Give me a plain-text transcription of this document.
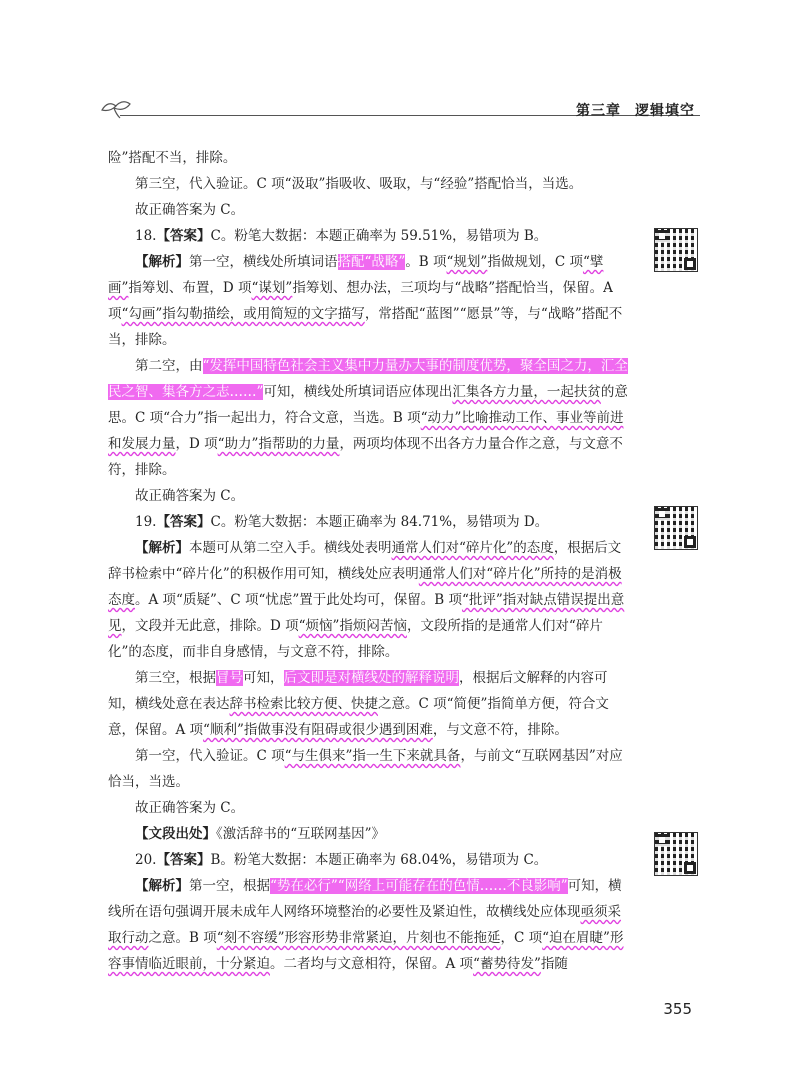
第三章 逻辑填空

险”搭配不当，排除。

第三空，代入验证。C 项“汲取”指吸收、吸取，与“经验”搭配恰当，当选。

故正确答案为 C。

18.【答案】C。粉笔大数据：本题正确率为 59.51%，易错项为 B。

【解析】第一空，横线处所填词语搭配“战略”。B 项“规划”指做规划，C 项“擘画”指筹划、布置，D 项“谋划”指筹划、想办法，三项均与“战略”搭配恰当，保留。A 项“勾画”指勾勒描绘，或用简短的文字描写，常搭配“蓝图”“愿景”等，与“战略”搭配不当，排除。

第二空，由“发挥中国特色社会主义集中力量办大事的制度优势，聚全国之力，汇全民之智、集各方之志……”可知，横线处所填词语应体现出汇集各方力量，一起扶贫的意思。C 项“合力”指一起出力，符合文意，当选。B 项“动力”比喻推动工作、事业等前进和发展力量，D 项“助力”指帮助的力量，两项均体现不出各方力量合作之意，与文意不符，排除。

故正确答案为 C。

19.【答案】C。粉笔大数据：本题正确率为 84.71%，易错项为 D。

【解析】本题可从第二空入手。横线处表明通常人们对“碎片化”的态度，根据后文辞书检索中“碎片化”的积极作用可知，横线处应表明通常人们对“碎片化”所持的是消极态度。A 项“质疑”、C 项“忧虑”置于此处均可，保留。B 项“批评”指对缺点错误提出意见，文段并无此意，排除。D 项“烦恼”指烦闷苦恼，文段所指的是通常人们对“碎片化”的态度，而非自身感情，与文意不符，排除。

第三空，根据冒号可知，后文即是对横线处的解释说明，根据后文解释的内容可知，横线处意在表达辞书检索比较方便、快捷之意。C 项“简便”指简单方便，符合文意，保留。A 项“顺利”指做事没有阻碍或很少遇到困难，与文意不符，排除。

第一空，代入验证。C 项“与生俱来”指一生下来就具备，与前文“互联网基因”对应恰当，当选。

故正确答案为 C。

【文段出处】《激活辞书的“互联网基因”》

20.【答案】B。粉笔大数据：本题正确率为 68.04%，易错项为 C。

【解析】第一空，根据“势在必行”“网络上可能存在的色情……不良影响”可知，横线所在语句强调开展未成年人网络环境整治的必要性及紧迫性，故横线处应体现亟须采取行动之意。B 项“刻不容缓”形容形势非常紧迫，片刻也不能拖延，C 项“迫在眉睫”形容事情临近眼前，十分紧迫。二者均与文意相符，保留。A 项“蓄势待发”指随

355
